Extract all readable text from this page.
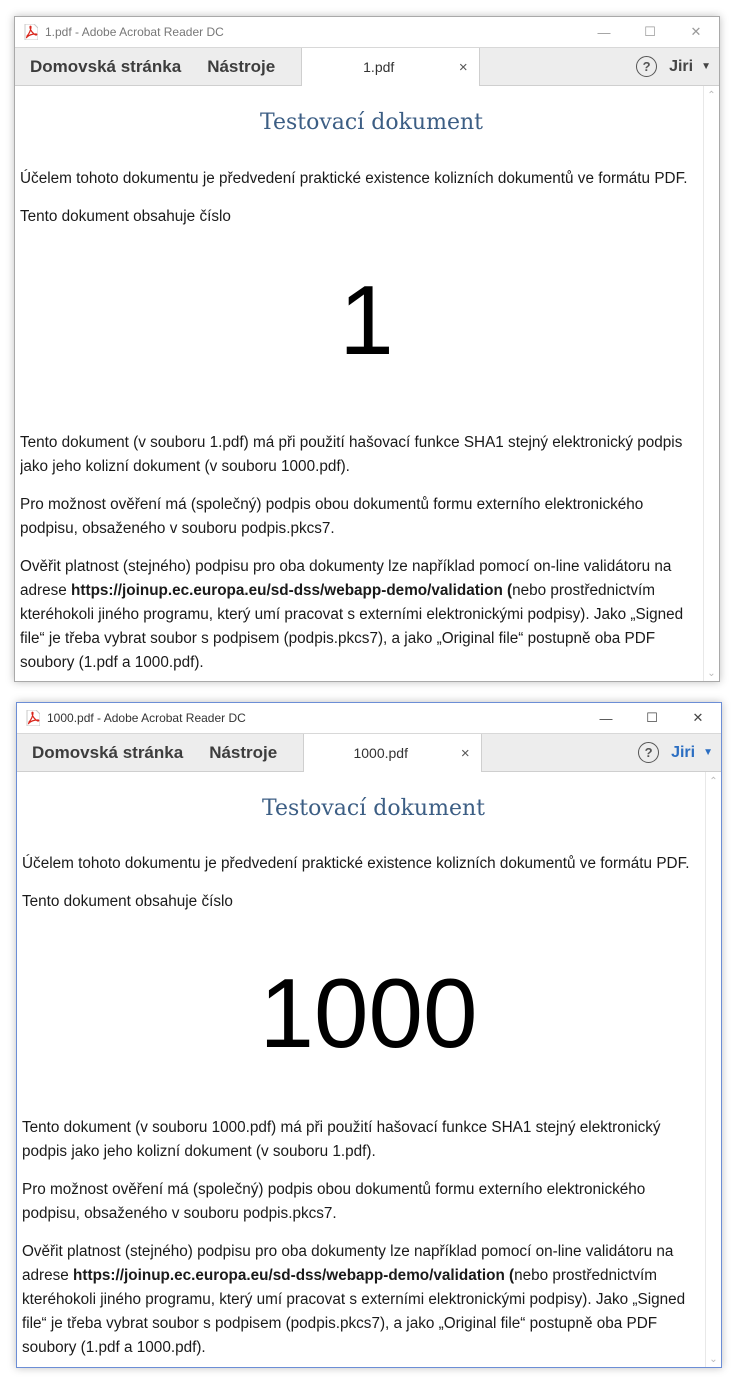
1.pdf - Adobe Acrobat Reader DC	—	☐	✕
Domovská stránka	Nástroje	1.pdf	×	?	Jiri ▼
Testovací dokument

Účelem tohoto dokumentu je předvedení praktické existence kolizních dokumentů ve formátu PDF.

Tento dokument obsahuje číslo

1

Tento dokument (v souboru 1.pdf) má při použití hašovací funkce SHA1 stejný elektronický podpis jako jeho kolizní dokument (v souboru 1000.pdf).

Pro možnost ověření má (společný) podpis obou dokumentů formu externího elektronického podpisu, obsaženého v souboru podpis.pkcs7.

Ověřit platnost (stejného) podpisu pro oba dokumenty lze například pomocí on-line validátoru na adrese https://joinup.ec.europa.eu/sd-dss/webapp-demo/validation (nebo prostřednictvím kteréhokoli jiného programu, který umí pracovat s externími elektronickými podpisy). Jako „Signed file“ je třeba vybrat soubor s podpisem (podpis.pkcs7), a jako „Original file“ postupně oba PDF soubory (1.pdf a 1000.pdf).

⌃
⌄
1000.pdf - Adobe Acrobat Reader DC	—	☐	✕
Domovská stránka	Nástroje	1000.pdf	×	?	Jiri ▼
Testovací dokument

Účelem tohoto dokumentu je předvedení praktické existence kolizních dokumentů ve formátu PDF.

Tento dokument obsahuje číslo

1000

Tento dokument (v souboru 1000.pdf) má při použití hašovací funkce SHA1 stejný elektronický podpis jako jeho kolizní dokument (v souboru 1.pdf).

Pro možnost ověření má (společný) podpis obou dokumentů formu externího elektronického podpisu, obsaženého v souboru podpis.pkcs7.

Ověřit platnost (stejného) podpisu pro oba dokumenty lze například pomocí on-line validátoru na adrese https://joinup.ec.europa.eu/sd-dss/webapp-demo/validation (nebo prostřednictvím kteréhokoli jiného programu, který umí pracovat s externími elektronickými podpisy). Jako „Signed file“ je třeba vybrat soubor s podpisem (podpis.pkcs7), a jako „Original file“ postupně oba PDF soubory (1.pdf a 1000.pdf).

⌃
⌄
